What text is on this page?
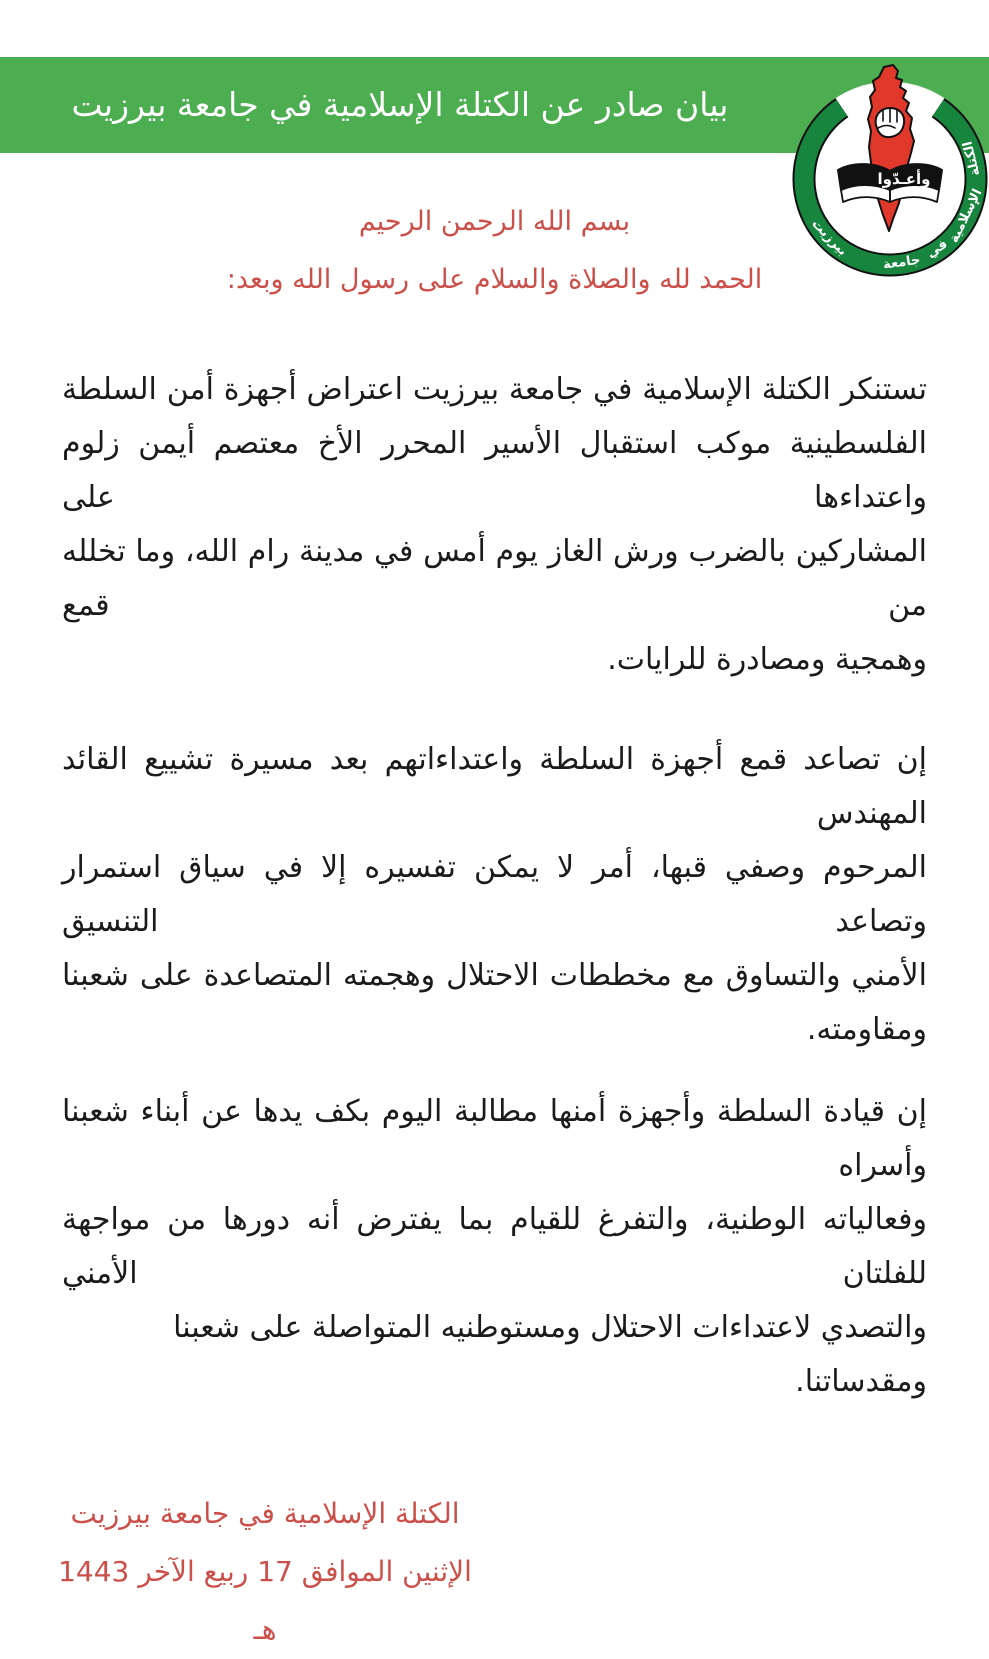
بيان صادر عن الكتلة الإسلامية في جامعة بيرزيت
وأعـدّوا
الكتلة
الإسلامية
في
جامعة
بيرزيت
بسم الله الرحمن الرحيم
الحمد لله والصلاة والسلام على رسول الله وبعد:
تستنكر الكتلة الإسلامية في جامعة بيرزيت اعتراض أجهزة أمن السلطة
الفلسطينية موكب استقبال الأسير المحرر الأخ معتصم أيمن زلوم واعتداءها على
المشاركين بالضرب ورش الغاز يوم أمس في مدينة رام الله، وما تخلله من قمع
وهمجية ومصادرة للرايات.
إن تصاعد قمع أجهزة السلطة واعتداءاتهم بعد مسيرة تشييع القائد المهندس
المرحوم وصفي قبها، أمر لا يمكن تفسيره إلا في سياق استمرار وتصاعد التنسيق
الأمني والتساوق مع مخططات الاحتلال وهجمته المتصاعدة على شعبنا
ومقاومته.
إن قيادة السلطة وأجهزة أمنها مطالبة اليوم بكف يدها عن أبناء شعبنا وأسراه
وفعالياته الوطنية، والتفرغ للقيام بما يفترض أنه دورها من مواجهة للفلتان الأمني
والتصدي لاعتداءات الاحتلال ومستوطنيه المتواصلة على شعبنا ومقدساتنا.
الكتلة الإسلامية في جامعة بيرزيت
الإثنين الموافق 17 ربيع الآخر 1443 هـ
